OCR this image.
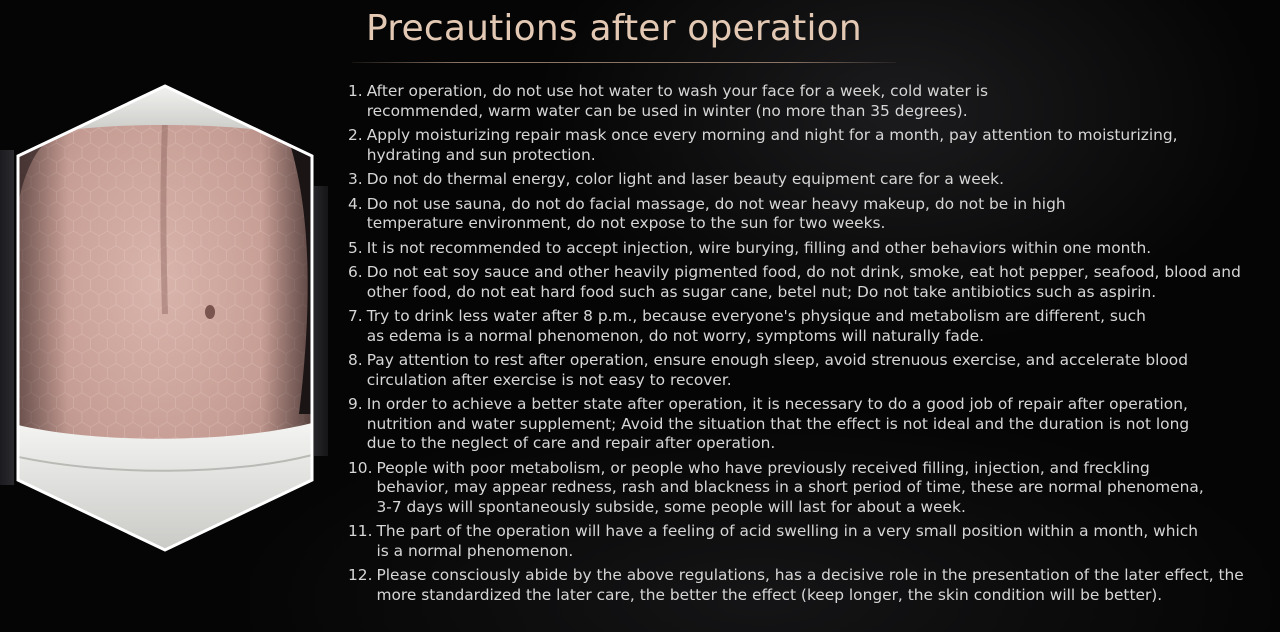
Precautions after operation
1. After operation, do not use hot water to wash your face for a week, cold water is recommended, warm water can be used in winter (no more than 35 degrees).
2. Apply moisturizing repair mask once every morning and night for a month, pay attention to moisturizing, hydrating and sun protection.
3. Do not do thermal energy, color light and laser beauty equipment care for a week.
4. Do not use sauna, do not do facial massage, do not wear heavy makeup, do not be in high temperature environment, do not expose to the sun for two weeks.
5. It is not recommended to accept injection, wire burying, filling and other behaviors within one month.
6. Do not eat soy sauce and other heavily pigmented food, do not drink, smoke, eat hot pepper, seafood, blood and other food, do not eat hard food such as sugar cane, betel nut; Do not take antibiotics such as aspirin.
7. Try to drink less water after 8 p.m., because everyone's physique and metabolism are different, such as edema is a normal phenomenon, do not worry, symptoms will naturally fade.
8. Pay attention to rest after operation, ensure enough sleep, avoid strenuous exercise, and accelerate blood circulation after exercise is not easy to recover.
9. In order to achieve a better state after operation, it is necessary to do a good job of repair after operation, nutrition and water supplement; Avoid the situation that the effect is not ideal and the duration is not long due to the neglect of care and repair after operation.
10. People with poor metabolism, or people who have previously received filling, injection, and freckling behavior, may appear redness, rash and blackness in a short period of time, these are normal phenomena, 3-7 days will spontaneously subside, some people will last for about a week.
11. The part of the operation will have a feeling of acid swelling in a very small position within a month, which is a normal phenomenon.
12. Please consciously abide by the above regulations, has a decisive role in the presentation of the later effect, the more standardized the later care, the better the effect (keep longer, the skin condition will be better).
